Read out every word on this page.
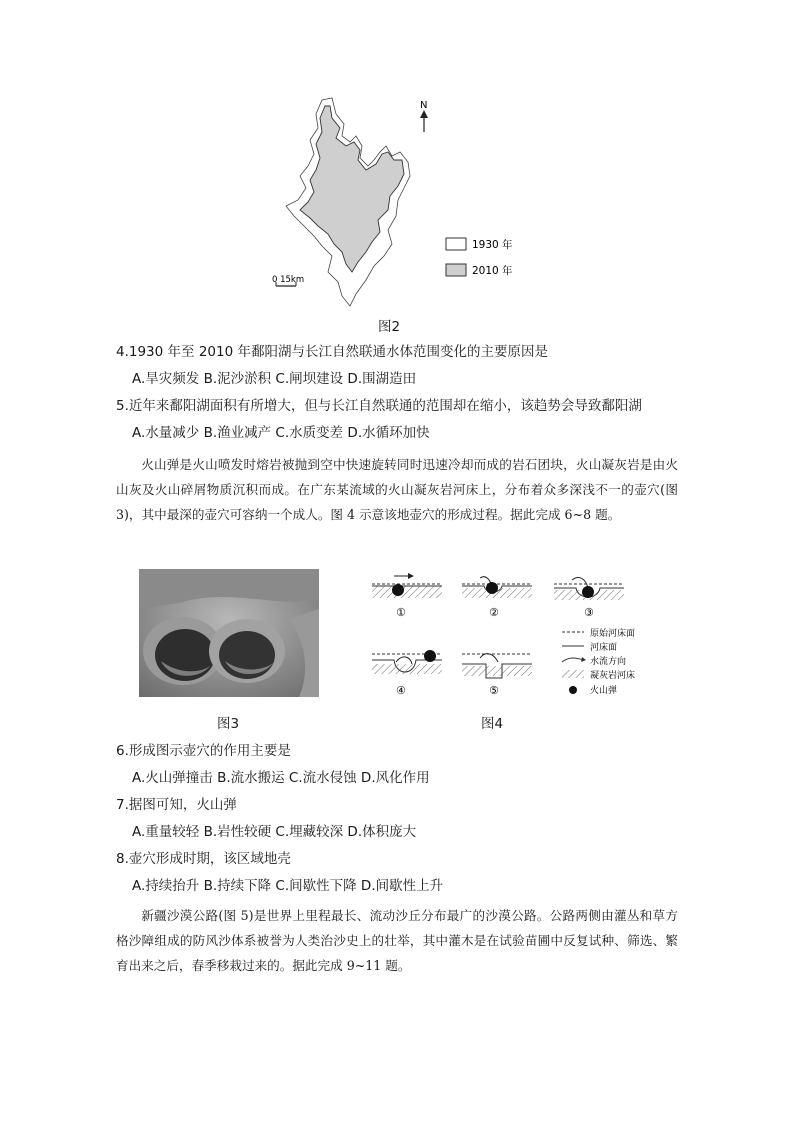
N
1930 年
2010 年
0 15km
图2
4.1930 年至 2010 年鄱阳湖与长江自然联通水体范围变化的主要原因是
A.旱灾频发 B.泥沙淤积 C.闸坝建设 D.围湖造田
5.近年来鄱阳湖面积有所增大，但与长江自然联通的范围却在缩小，该趋势会导致鄱阳湖
A.水量减少 B.渔业减产 C.水质变差 D.水循环加快
火山弹是火山喷发时熔岩被抛到空中快速旋转同时迅速冷却而成的岩石团块，火山凝灰岩是由火山灰及火山碎屑物质沉积而成。在广东某流域的火山凝灰岩河床上，分布着众多深浅不一的壶穴(图 3)，其中最深的壶穴可容纳一个成人。图 4 示意该地壶穴的形成过程。据此完成 6~8 题。
图3
①	②	③
④	⑤
原始河床面
河床面
水流方向
凝灰岩河床
火山弹
图4
6.形成图示壶穴的作用主要是
A.火山弹撞击 B.流水搬运 C.流水侵蚀 D.风化作用
7.据图可知，火山弹
A.重量较轻 B.岩性较硬 C.埋藏较深 D.体积庞大
8.壶穴形成时期，该区域地壳
A.持续抬升 B.持续下降 C.间歇性下降 D.间歇性上升
新疆沙漠公路(图 5)是世界上里程最长、流动沙丘分布最广的沙漠公路。公路两侧由灌丛和草方格沙障组成的防风沙体系被誉为人类治沙史上的壮举，其中灌木是在试验苗圃中反复试种、筛选、繁育出来之后，春季移栽过来的。据此完成 9~11 题。
